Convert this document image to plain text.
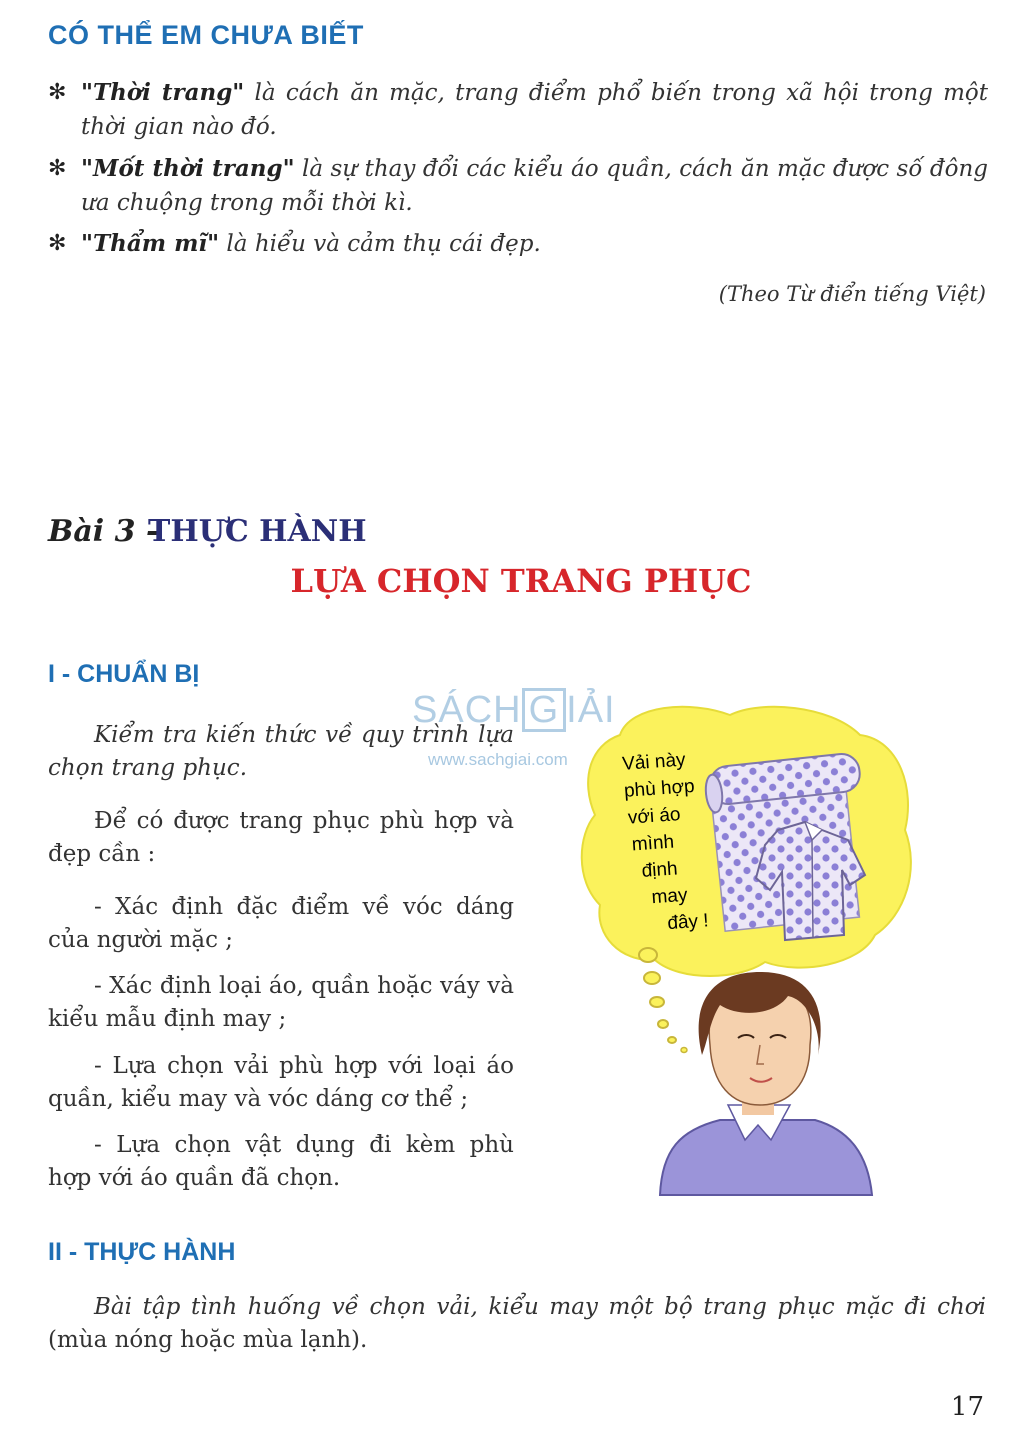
CÓ THỂ EM CHƯA BIẾT
✻ "Thời trang" là cách ăn mặc, trang điểm phổ biến trong xã hội trong một thời gian nào đó.
✻ "Mốt thời trang" là sự thay đổi các kiểu áo quần, cách ăn mặc được số đông ưa chuộng trong mỗi thời kì.
✻ "Thẩm mĩ" là hiểu và cảm thụ cái đẹp.
(Theo Từ điển tiếng Việt)
Bài 3 -
THỰC HÀNH
LỰA CHỌN TRANG PHỤC
I - CHUẨN BỊ
Kiểm tra kiến thức về quy trình lựa chọn trang phục.
Để có được trang phục phù hợp và đẹp cần :
- Xác định đặc điểm về vóc dáng của người mặc ;
- Xác định loại áo, quần hoặc váy và kiểu mẫu định may ;
- Lựa chọn vải phù hợp với loại áo quần, kiểu may và vóc dáng cơ thể ;
- Lựa chọn vật dụng đi kèm phù hợp với áo quần đã chọn.
Vải này phù hợp với áo mình định may đây !
SÁCH G IẢI
www.sachgiai.com
II - THỰC HÀNH
Bài tập tình huống về chọn vải, kiểu may một bộ trang phục mặc đi chơi (mùa nóng hoặc mùa lạnh).
17
